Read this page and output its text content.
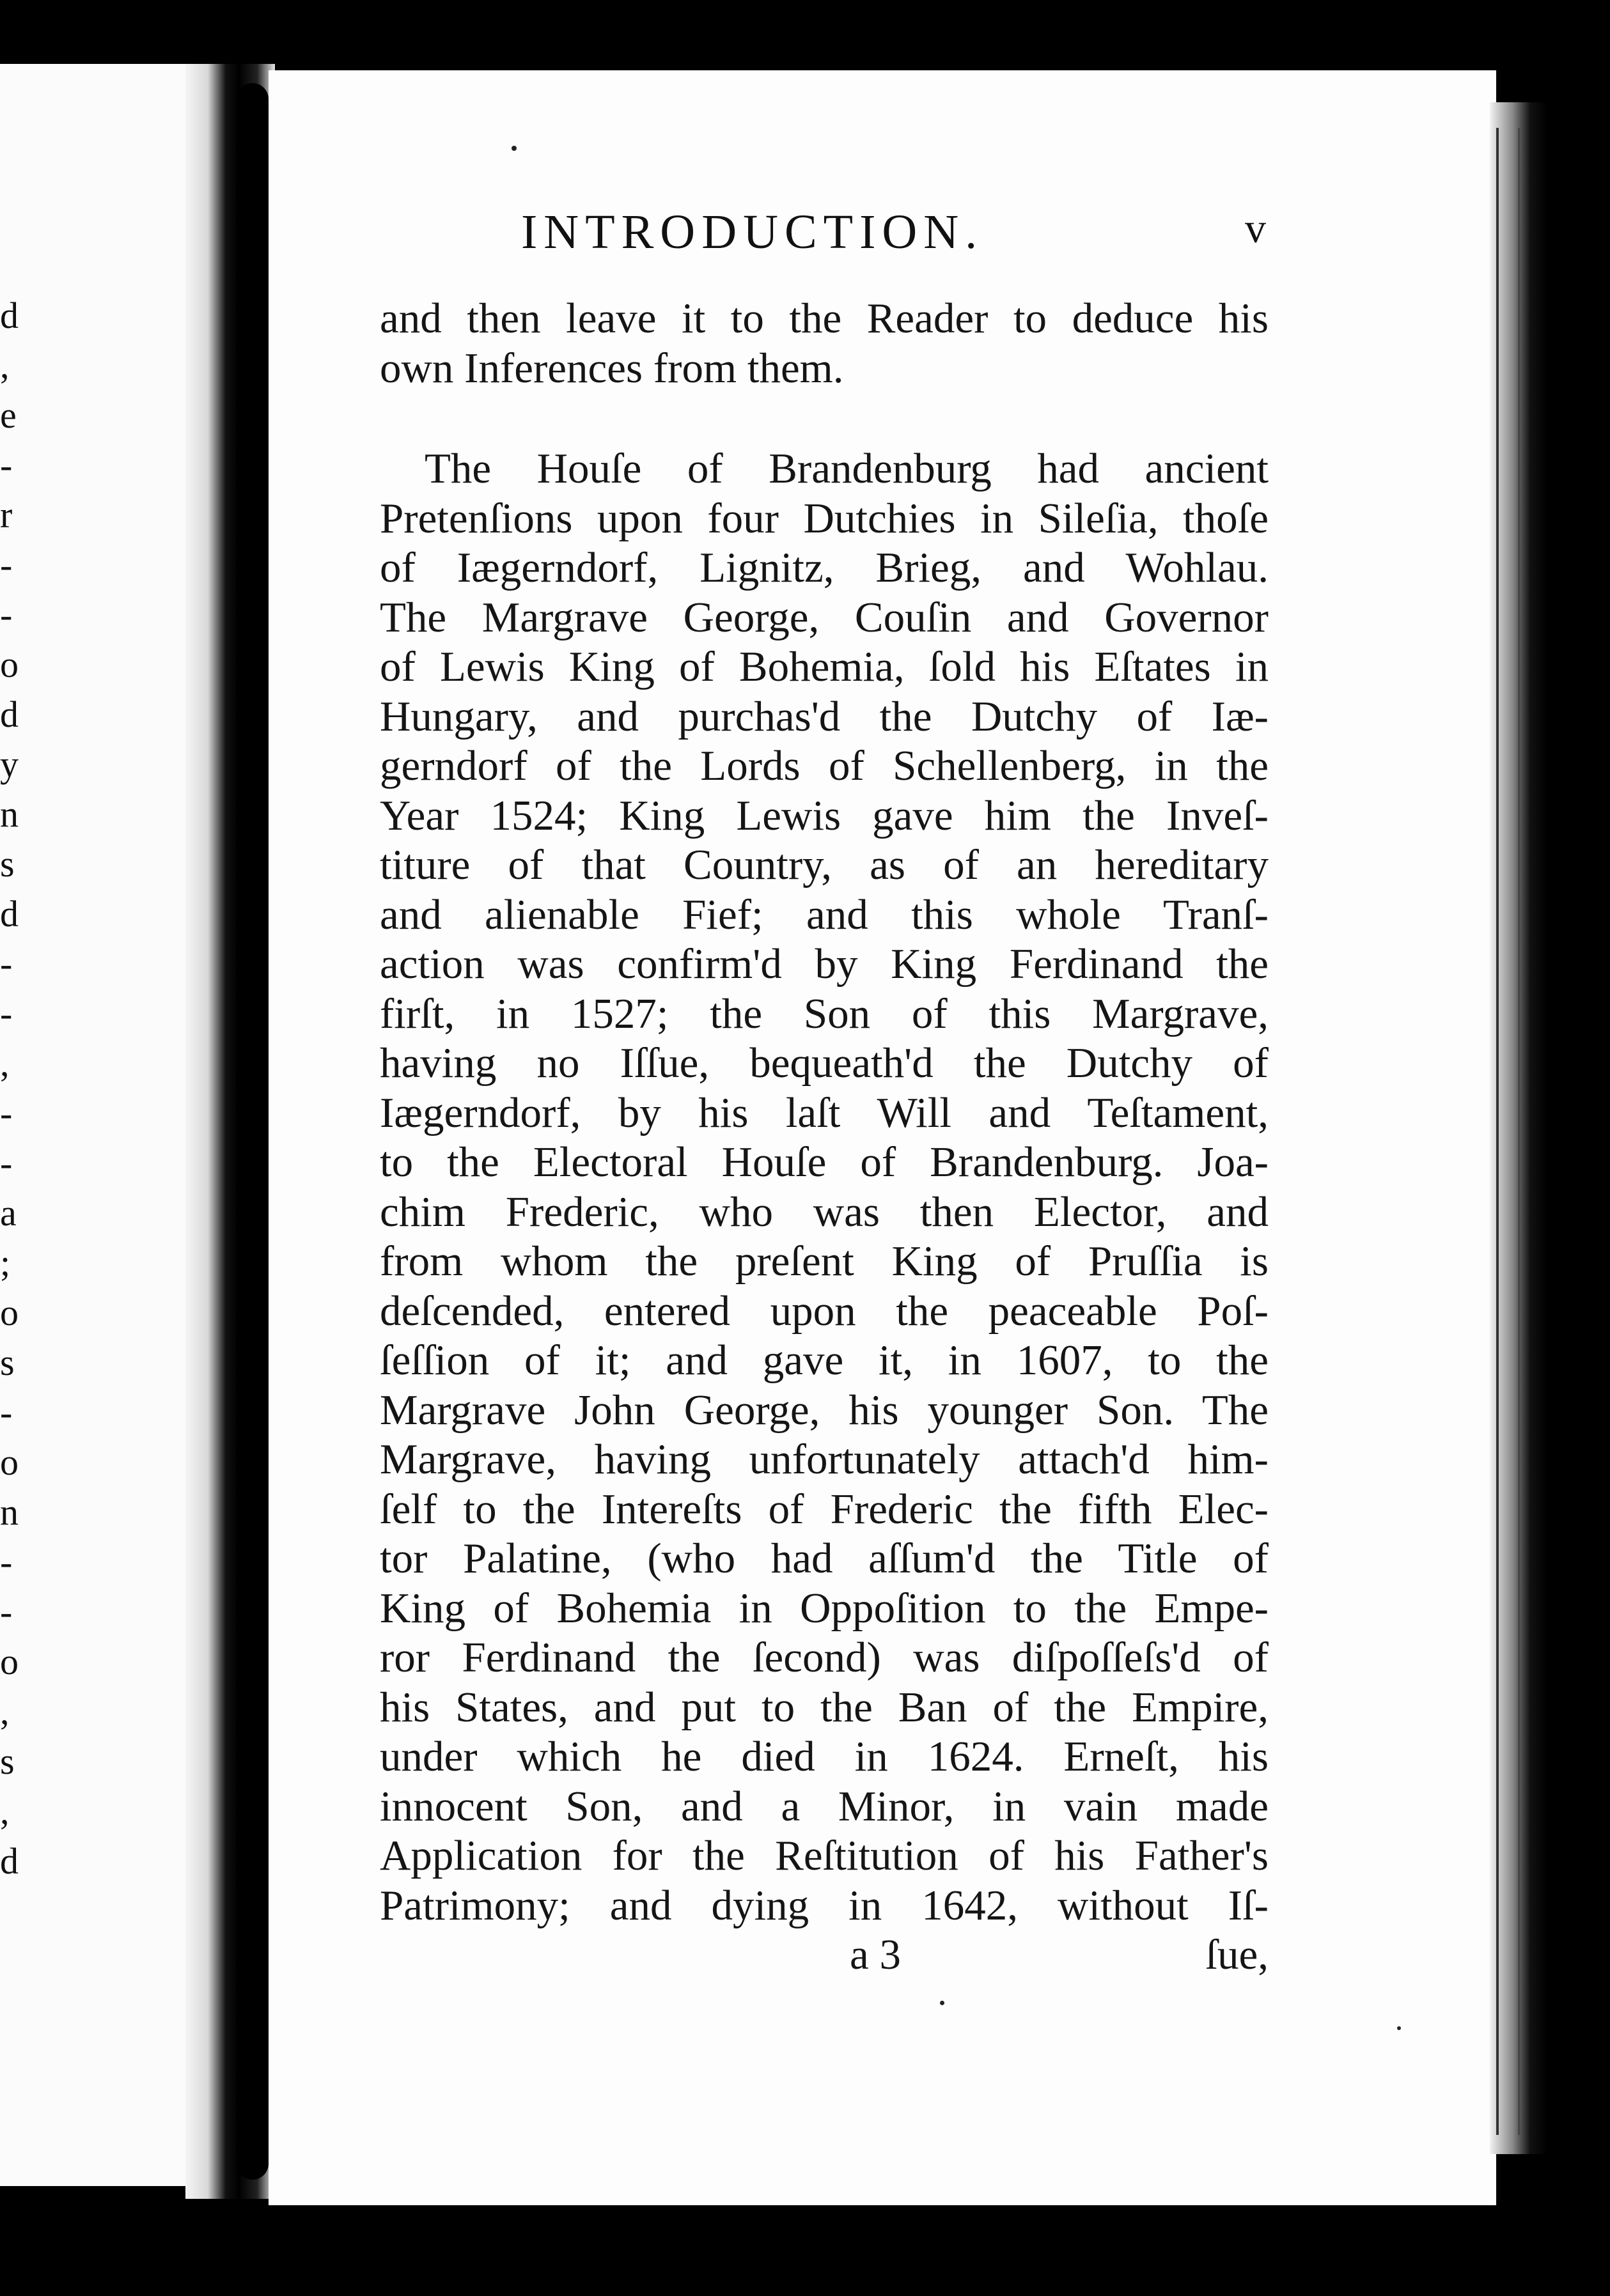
d
,
e
-
r
-
-
o
d
y
n
s
d
-
-
,
-
-
a
;
o
s
-
o
n
-
-
o
,
s
,
d
INTRODUCTION.	v
and then leave it to the Reader to deduce his
own Inferences from them.
The Houſe of Brandenburg had ancient
Pretenſions upon four Dutchies in Sileſia, thoſe
of Iægerndorf, Lignitz, Brieg, and Wohlau.
The Margrave George, Couſin and Governor
of Lewis King of Bohemia, ſold his Eſtates in
Hungary, and purchas'd the Dutchy of Iæ-
gerndorf of the Lords of Schellenberg, in the
Year 1524; King Lewis gave him the Inveſ-
titure of that Country, as of an hereditary
and alienable Fief; and this whole Tranſ-
action was confirm'd by King Ferdinand the
firſt, in 1527; the Son of this Margrave,
having no Iſſue, bequeath'd the Dutchy of
Iægerndorf, by his laſt Will and Teſtament,
to the Electoral Houſe of Brandenburg. Joa-
chim Frederic, who was then Elector, and
from whom the preſent King of Pruſſia is
deſcended, entered upon the peaceable Poſ-
ſeſſion of it; and gave it, in 1607, to the
Margrave John George, his younger Son. The
Margrave, having unfortunately attach'd him-
ſelf to the Intereſts of Frederic the fifth Elec-
tor Palatine, (who had aſſum'd the Title of
King of Bohemia in Oppoſition to the Empe-
ror Ferdinand the ſecond) was diſpoſſeſs'd of
his States, and put to the Ban of the Empire,
under which he died in 1624. Erneſt, his
innocent Son, and a Minor, in vain made
Application for the Reſtitution of his Father's
Patrimony; and dying in 1642, without Iſ-
a 3	ſue,
